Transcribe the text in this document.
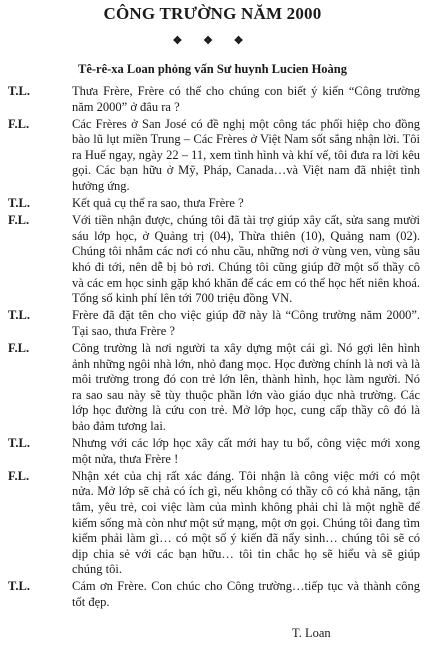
CÔNG TRƯỜNG NĂM 2000
❖ ❖ ❖
Tê-rê-xa Loan phỏng vấn Sư huynh Lucien Hoàng
T.L.	Thưa Frère, Frère có thể cho chúng con biết ý kiến “Công trường năm 2000” ở đâu ra ?
F.L.	Các Frères ở San José có đề nghị một công tác phối hiệp cho đồng bào lũ lụt miền Trung – Các Frères ở Việt Nam sốt sắng nhận lời. Tôi ra Huế ngay, ngày 22 – 11, xem tình hình và khí vế, tôi đưa ra lời kêu gọi. Các bạn hữu ở Mỹ, Pháp, Canada…và Việt nam đã nhiệt tình hưởng ứng.
T.L.	Kết quả cụ thể ra sao, thưa Frère ?
F.L.	Với tiền nhận được, chúng tôi đã tài trợ giúp xây cất, sửa sang mười sáu lớp học, ở Quảng trị (04), Thừa thiên (10), Quảng nam (02). Chúng tôi nhắm các nơi có nhu cầu, những nơi ở vùng ven, vùng sâu khó đi tới, nên dễ bị bỏ rơi. Chúng tôi cũng giúp đỡ một số thầy cô và các em học sinh gặp khó khăn để các em có thể học hết niên khoá. Tổng số kinh phí lên tới 700 triệu đồng VN.
T.L.	Frère đã đặt tên cho việc giúp đỡ này là “Công trường năm 2000”. Tại sao, thưa Frère ?
F.L.	Công trường là nơi người ta xây dựng một cái gì. Nó gợi lên hình ảnh những ngôi nhà lớn, nhỏ đang mọc. Học đường chính là nơi và là môi trường trong đó con trẻ lớn lên, thành hình, học làm người. Nó ra sao sau này sẽ tùy thuộc phần lớn vào giáo dục nhà trường. Các lớp học đường là cứu con trẻ. Mở lớp học, cung cấp thầy cô đó là bảo đảm tương lai.
T.L.	Nhưng với các lớp học xây cất mới hay tu bổ, công việc mới xong một nửa, thưa Frère !
F.L.	Nhận xét của chị rất xác đáng. Tôi nhận là công việc mới có một nửa. Mở lớp sẽ chả có ích gì, nếu không có thầy cô có khả năng, tận tâm, yêu trẻ, coi việc làm của mình không phải chỉ là một nghề để kiếm sống mà còn như một sứ mạng, một ơn gọi. Chúng tôi đang tìm kiếm phải làm gì… có một số ý kiến đã nẩy sinh… chúng tôi sẽ có dịp chia sẻ với các bạn hữu… tôi tin chắc họ sẽ hiểu và sẽ giúp chúng tôi.
T.L.	Cám ơn Frère. Con chúc cho Công trường…tiếp tục và thành công tốt đẹp.
T. Loan
